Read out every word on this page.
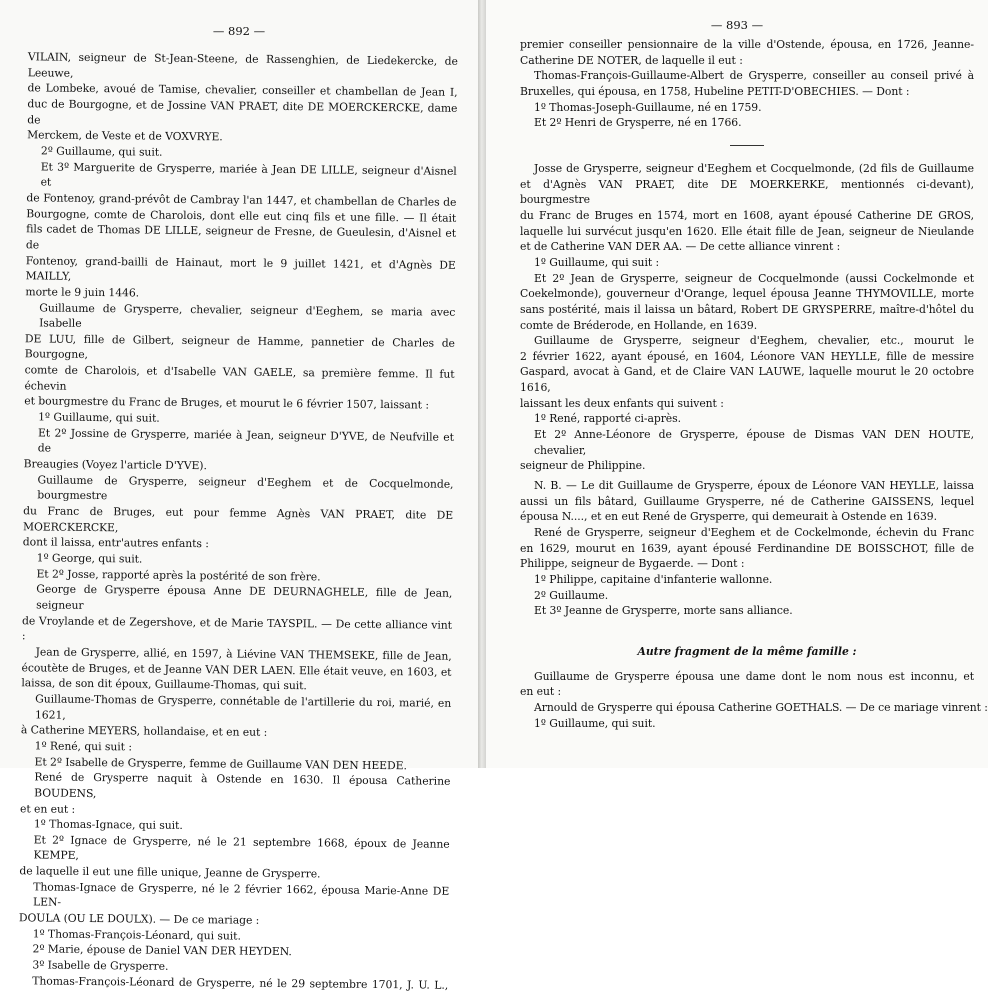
— 892 —
VILAIN, seigneur de St-Jean-Steene, de Rassenghien, de Liedekercke, de Leeuwe,
de Lombeke, avoué de Tamise, chevalier, conseiller et chambellan de Jean I,
duc de Bourgogne, et de Jossine VAN PRAET, dite DE MOERCKERCKE, dame de
Merckem, de Veste et de VOXVRYE.
2º Guillaume, qui suit.
Et 3º Marguerite de Grysperre, mariée à Jean DE LILLE, seigneur d'Aisnel et
de Fontenoy, grand-prévôt de Cambray l'an 1447, et chambellan de Charles de
Bourgogne, comte de Charolois, dont elle eut cinq fils et une fille. — Il était
fils cadet de Thomas DE LILLE, seigneur de Fresne, de Gueulesin, d'Aisnel et de
Fontenoy, grand-bailli de Hainaut, mort le 9 juillet 1421, et d'Agnès DE MAILLY,
morte le 9 juin 1446.
Guillaume de Grysperre, chevalier, seigneur d'Eeghem, se maria avec Isabelle
DE LUU, fille de Gilbert, seigneur de Hamme, pannetier de Charles de Bourgogne,
comte de Charolois, et d'Isabelle VAN GAELE, sa première femme. Il fut échevin
et bourgmestre du Franc de Bruges, et mourut le 6 février 1507, laissant :
1º Guillaume, qui suit.
Et 2º Jossine de Grysperre, mariée à Jean, seigneur D'YVE, de Neufville et de
Breaugies (Voyez l'article D'YVE).
Guillaume de Grysperre, seigneur d'Eeghem et de Cocquelmonde, bourgmestre
du Franc de Bruges, eut pour femme Agnès VAN PRAET, dite DE MOERCKERCKE,
dont il laissa, entr'autres enfants :
1º George, qui suit.
Et 2º Josse, rapporté après la postérité de son frère.
George de Grysperre épousa Anne DE DEURNAGHELE, fille de Jean, seigneur
de Vroylande et de Zegershove, et de Marie TAYSPIL. — De cette alliance vint :
Jean de Grysperre, allié, en 1597, à Liévine VAN THEMSEKE, fille de Jean,
écoutète de Bruges, et de Jeanne VAN DER LAEN. Elle était veuve, en 1603, et
laissa, de son dit époux, Guillaume-Thomas, qui suit.
Guillaume-Thomas de Grysperre, connétable de l'artillerie du roi, marié, en 1621,
à Catherine MEYERS, hollandaise, et en eut :
1º René, qui suit :
Et 2º Isabelle de Grysperre, femme de Guillaume VAN DEN HEEDE.
René de Grysperre naquit à Ostende en 1630. Il épousa Catherine BOUDENS,
et en eut :
1º Thomas-Ignace, qui suit.
Et 2º Ignace de Grysperre, né le 21 septembre 1668, époux de Jeanne KEMPE,
de laquelle il eut une fille unique, Jeanne de Grysperre.
Thomas-Ignace de Grysperre, né le 2 février 1662, épousa Marie-Anne DE LEN-
DOULA (OU LE DOULX). — De ce mariage :
1º Thomas-François-Léonard, qui suit.
2º Marie, épouse de Daniel VAN DER HEYDEN.
3º Isabelle de Grysperre.
Thomas-François-Léonard de Grysperre, né le 29 septembre 1701, J. U. L.,
— 893 —
premier conseiller pensionnaire de la ville d'Ostende, épousa, en 1726, Jeanne-
Catherine DE NOTER, de laquelle il eut :
Thomas-François-Guillaume-Albert de Grysperre, conseiller au conseil privé à
Bruxelles, qui épousa, en 1758, Hubeline PETIT-D'OBECHIES. — Dont :
1º Thomas-Joseph-Guillaume, né en 1759.
Et 2º Henri de Grysperre, né en 1766.
Josse de Grysperre, seigneur d'Eeghem et Cocquelmonde, (2d fils de Guillaume
et d'Agnès VAN PRAET, dite DE MOERKERKE, mentionnés ci-devant), bourgmestre
du Franc de Bruges en 1574, mort en 1608, ayant épousé Catherine DE GROS,
laquelle lui survécut jusqu'en 1620. Elle était fille de Jean, seigneur de Nieulande
et de Catherine VAN DER AA. — De cette alliance vinrent :
1º Guillaume, qui suit :
Et 2º Jean de Grysperre, seigneur de Cocquelmonde (aussi Cockelmonde et
Coekelmonde), gouverneur d'Orange, lequel épousa Jeanne THYMOVILLE, morte
sans postérité, mais il laissa un bâtard, Robert DE GRYSPERRE, maître-d'hôtel du
comte de Bréderode, en Hollande, en 1639.
Guillaume de Grysperre, seigneur d'Eeghem, chevalier, etc., mourut le
2 février 1622, ayant épousé, en 1604, Léonore VAN HEYLLE, fille de messire
Gaspard, avocat à Gand, et de Claire VAN LAUWE, laquelle mourut le 20 octobre 1616,
laissant les deux enfants qui suivent :
1º René, rapporté ci-après.
Et 2º Anne-Léonore de Grysperre, épouse de Dismas VAN DEN HOUTE, chevalier,
seigneur de Philippine.
N. B. — Le dit Guillaume de Grysperre, époux de Léonore VAN HEYLLE, laissa
aussi un fils bâtard, Guillaume Grysperre, né de Catherine GAISSENS, lequel
épousa N...., et en eut René de Grysperre, qui demeurait à Ostende en 1639.
René de Grysperre, seigneur d'Eeghem et de Cockelmonde, échevin du Franc
en 1629, mourut en 1639, ayant épousé Ferdinandine DE BOISSCHOT, fille de
Philippe, seigneur de Bygaerde. — Dont :
1º Philippe, capitaine d'infanterie wallonne.
2º Guillaume.
Et 3º Jeanne de Grysperre, morte sans alliance.
Autre fragment de la même famille :
Guillaume de Grysperre épousa une dame dont le nom nous est inconnu, et
en eut :
Arnould de Grysperre qui épousa Catherine GOETHALS. — De ce mariage vinrent :
1º Guillaume, qui suit.
